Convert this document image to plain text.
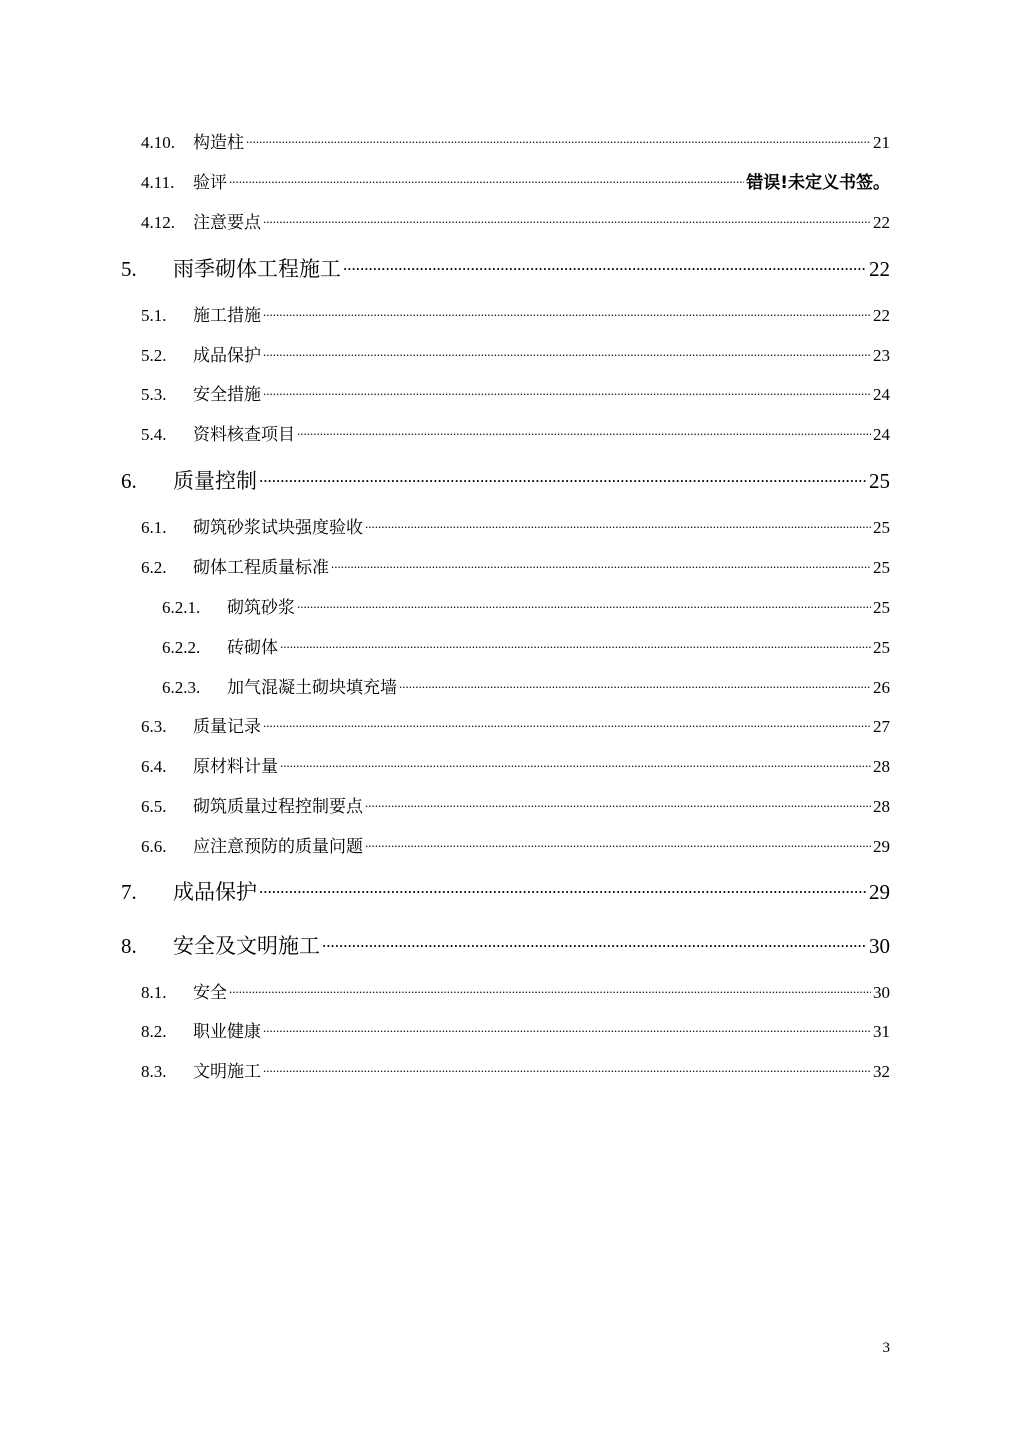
4.10.	构造柱 .....	21
4.11.	验评 .....	错误!未定义书签。
4.12.	注意要点 .....	22
5.	雨季砌体工程施工 .....	22
5.1.	施工措施 .....	22
5.2.	成品保护 .....	23
5.3.	安全措施 .....	24
5.4.	资料核查项目 .....	24
6.	质量控制 .....	25
6.1.	砌筑砂浆试块强度验收 .....	25
6.2.	砌体工程质量标准 .....	25
6.2.1.	砌筑砂浆 .....	25
6.2.2.	砖砌体 .....	25
6.2.3.	加气混凝土砌块填充墙 .....	26
6.3.	质量记录 .....	27
6.4.	原材料计量 .....	28
6.5.	砌筑质量过程控制要点 .....	28
6.6.	应注意预防的质量问题 .....	29
7.	成品保护 .....	29
8.	安全及文明施工 .....	30
8.1.	安全 .....	30
8.2.	职业健康 .....	31
8.3.	文明施工 .....	32
3
